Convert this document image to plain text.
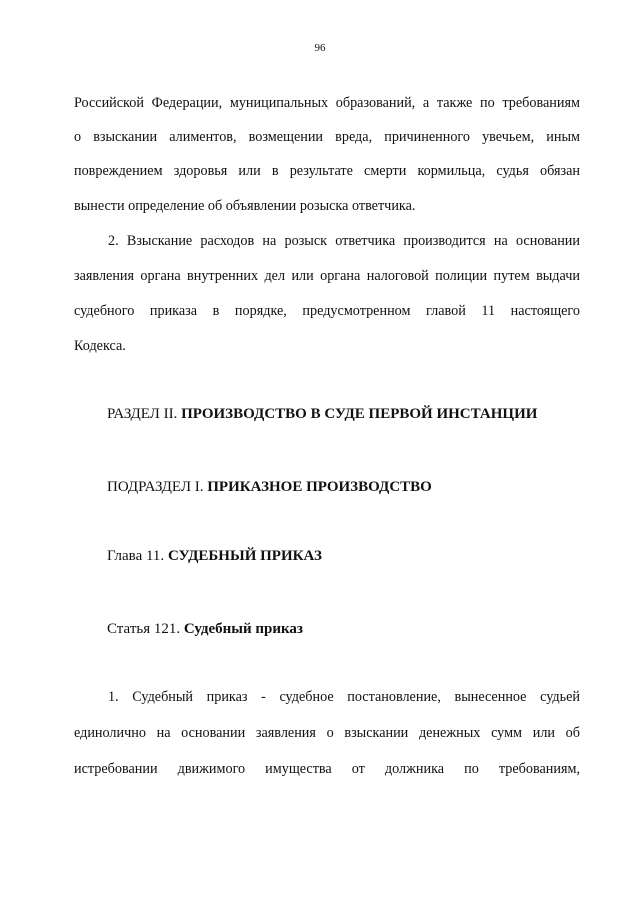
96
Российской Федерации, муниципальных образований, а также по требованиям
о взыскании алиментов, возмещении вреда, причиненного увечьем, иным
повреждением здоровья или в результате смерти кормильца, судья обязан
вынести определение об объявлении розыска ответчика.
2. Взыскание расходов на розыск ответчика производится на основании
заявления органа внутренних дел или органа налоговой полиции путем выдачи
судебного приказа в порядке, предусмотренном главой 11 настоящего
Кодекса.
РАЗДЕЛ II. ПРОИЗВОДСТВО В СУДЕ ПЕРВОЙ ИНСТАНЦИИ
ПОДРАЗДЕЛ I. ПРИКАЗНОЕ ПРОИЗВОДСТВО
Глава 11. СУДЕБНЫЙ ПРИКАЗ
Статья 121. Судебный приказ
1. Судебный приказ - судебное постановление, вынесенное судьей
единолично на основании заявления о взыскании денежных сумм или об
истребовании движимого имущества от должника по требованиям,
